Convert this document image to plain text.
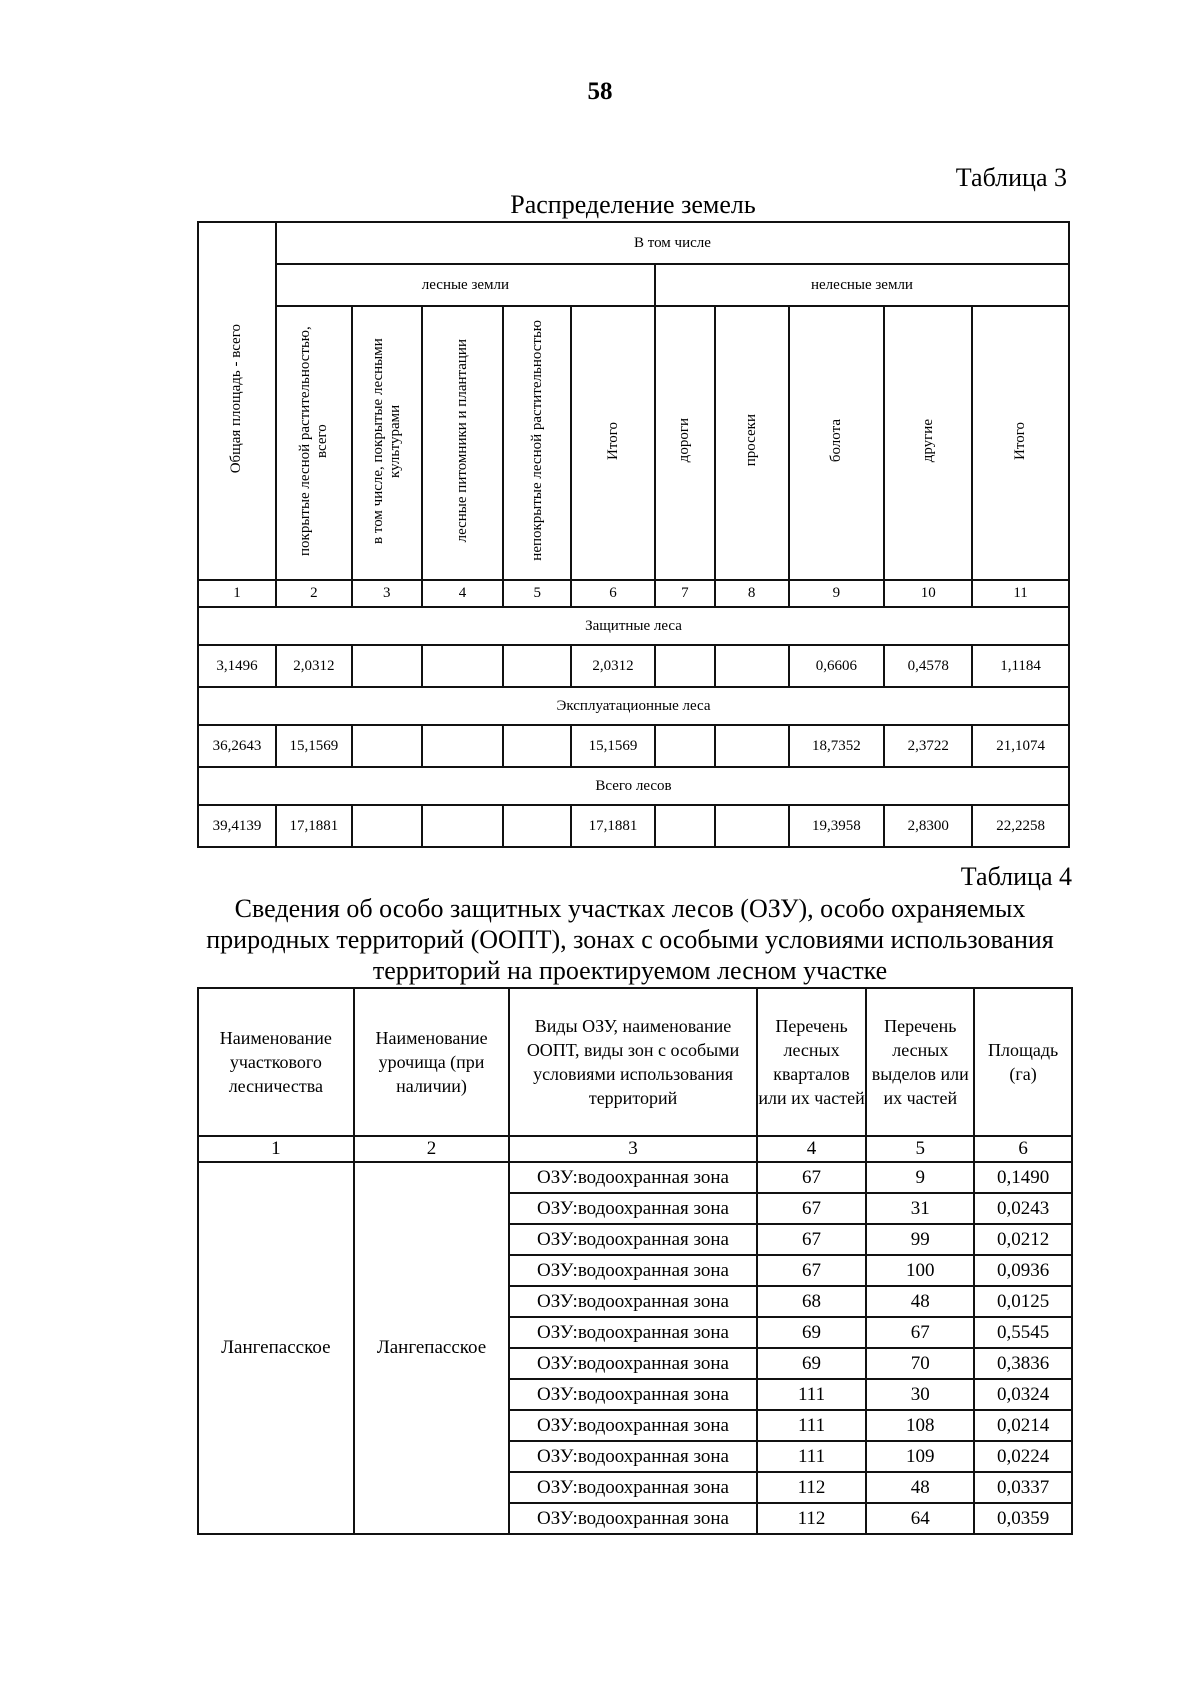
58
Таблица 3
Распределение земель
Общая площадь - всего	В том числе									
	лесные земли					нелесные земли				
	покрытые лесной растительностью, всего	в том числе, покрытые лесными культурами	лесные питомники и плантации	непокрытые лесной растительностью	Итого	дороги	просеки	болота	другие	Итого
1	2	3	4	5	6	7	8	9	10	11
Защитные леса										
3,1496	2,0312				2,0312			0,6606	0,4578	1,1184
Эксплуатационные леса										
36,2643	15,1569				15,1569			18,7352	2,3722	21,1074
Всего лесов										
39,4139	17,1881				17,1881			19,3958	2,8300	22,2258
Таблица 4
Сведения об особо защитных участках лесов (ОЗУ), особо охраняемых природных территорий (ООПТ), зонах с особыми условиями использования территорий на проектируемом лесном участке
Наименование участкового лесничества	Наименование урочища (при наличии)	Виды ОЗУ, наименование ООПТ, виды зон с особыми условиями использования территорий	Перечень лесных кварталов или их частей	Перечень лесных выделов или их частей	Площадь (га)
1	2	3	4	5	6
Лангепасское	Лангепасское	ОЗУ:водоохранная зона	67	9	0,1490
		ОЗУ:водоохранная зона	67	31	0,0243
		ОЗУ:водоохранная зона	67	99	0,0212
		ОЗУ:водоохранная зона	67	100	0,0936
		ОЗУ:водоохранная зона	68	48	0,0125
		ОЗУ:водоохранная зона	69	67	0,5545
		ОЗУ:водоохранная зона	69	70	0,3836
		ОЗУ:водоохранная зона	111	30	0,0324
		ОЗУ:водоохранная зона	111	108	0,0214
		ОЗУ:водоохранная зона	111	109	0,0224
		ОЗУ:водоохранная зона	112	48	0,0337
		ОЗУ:водоохранная зона	112	64	0,0359
